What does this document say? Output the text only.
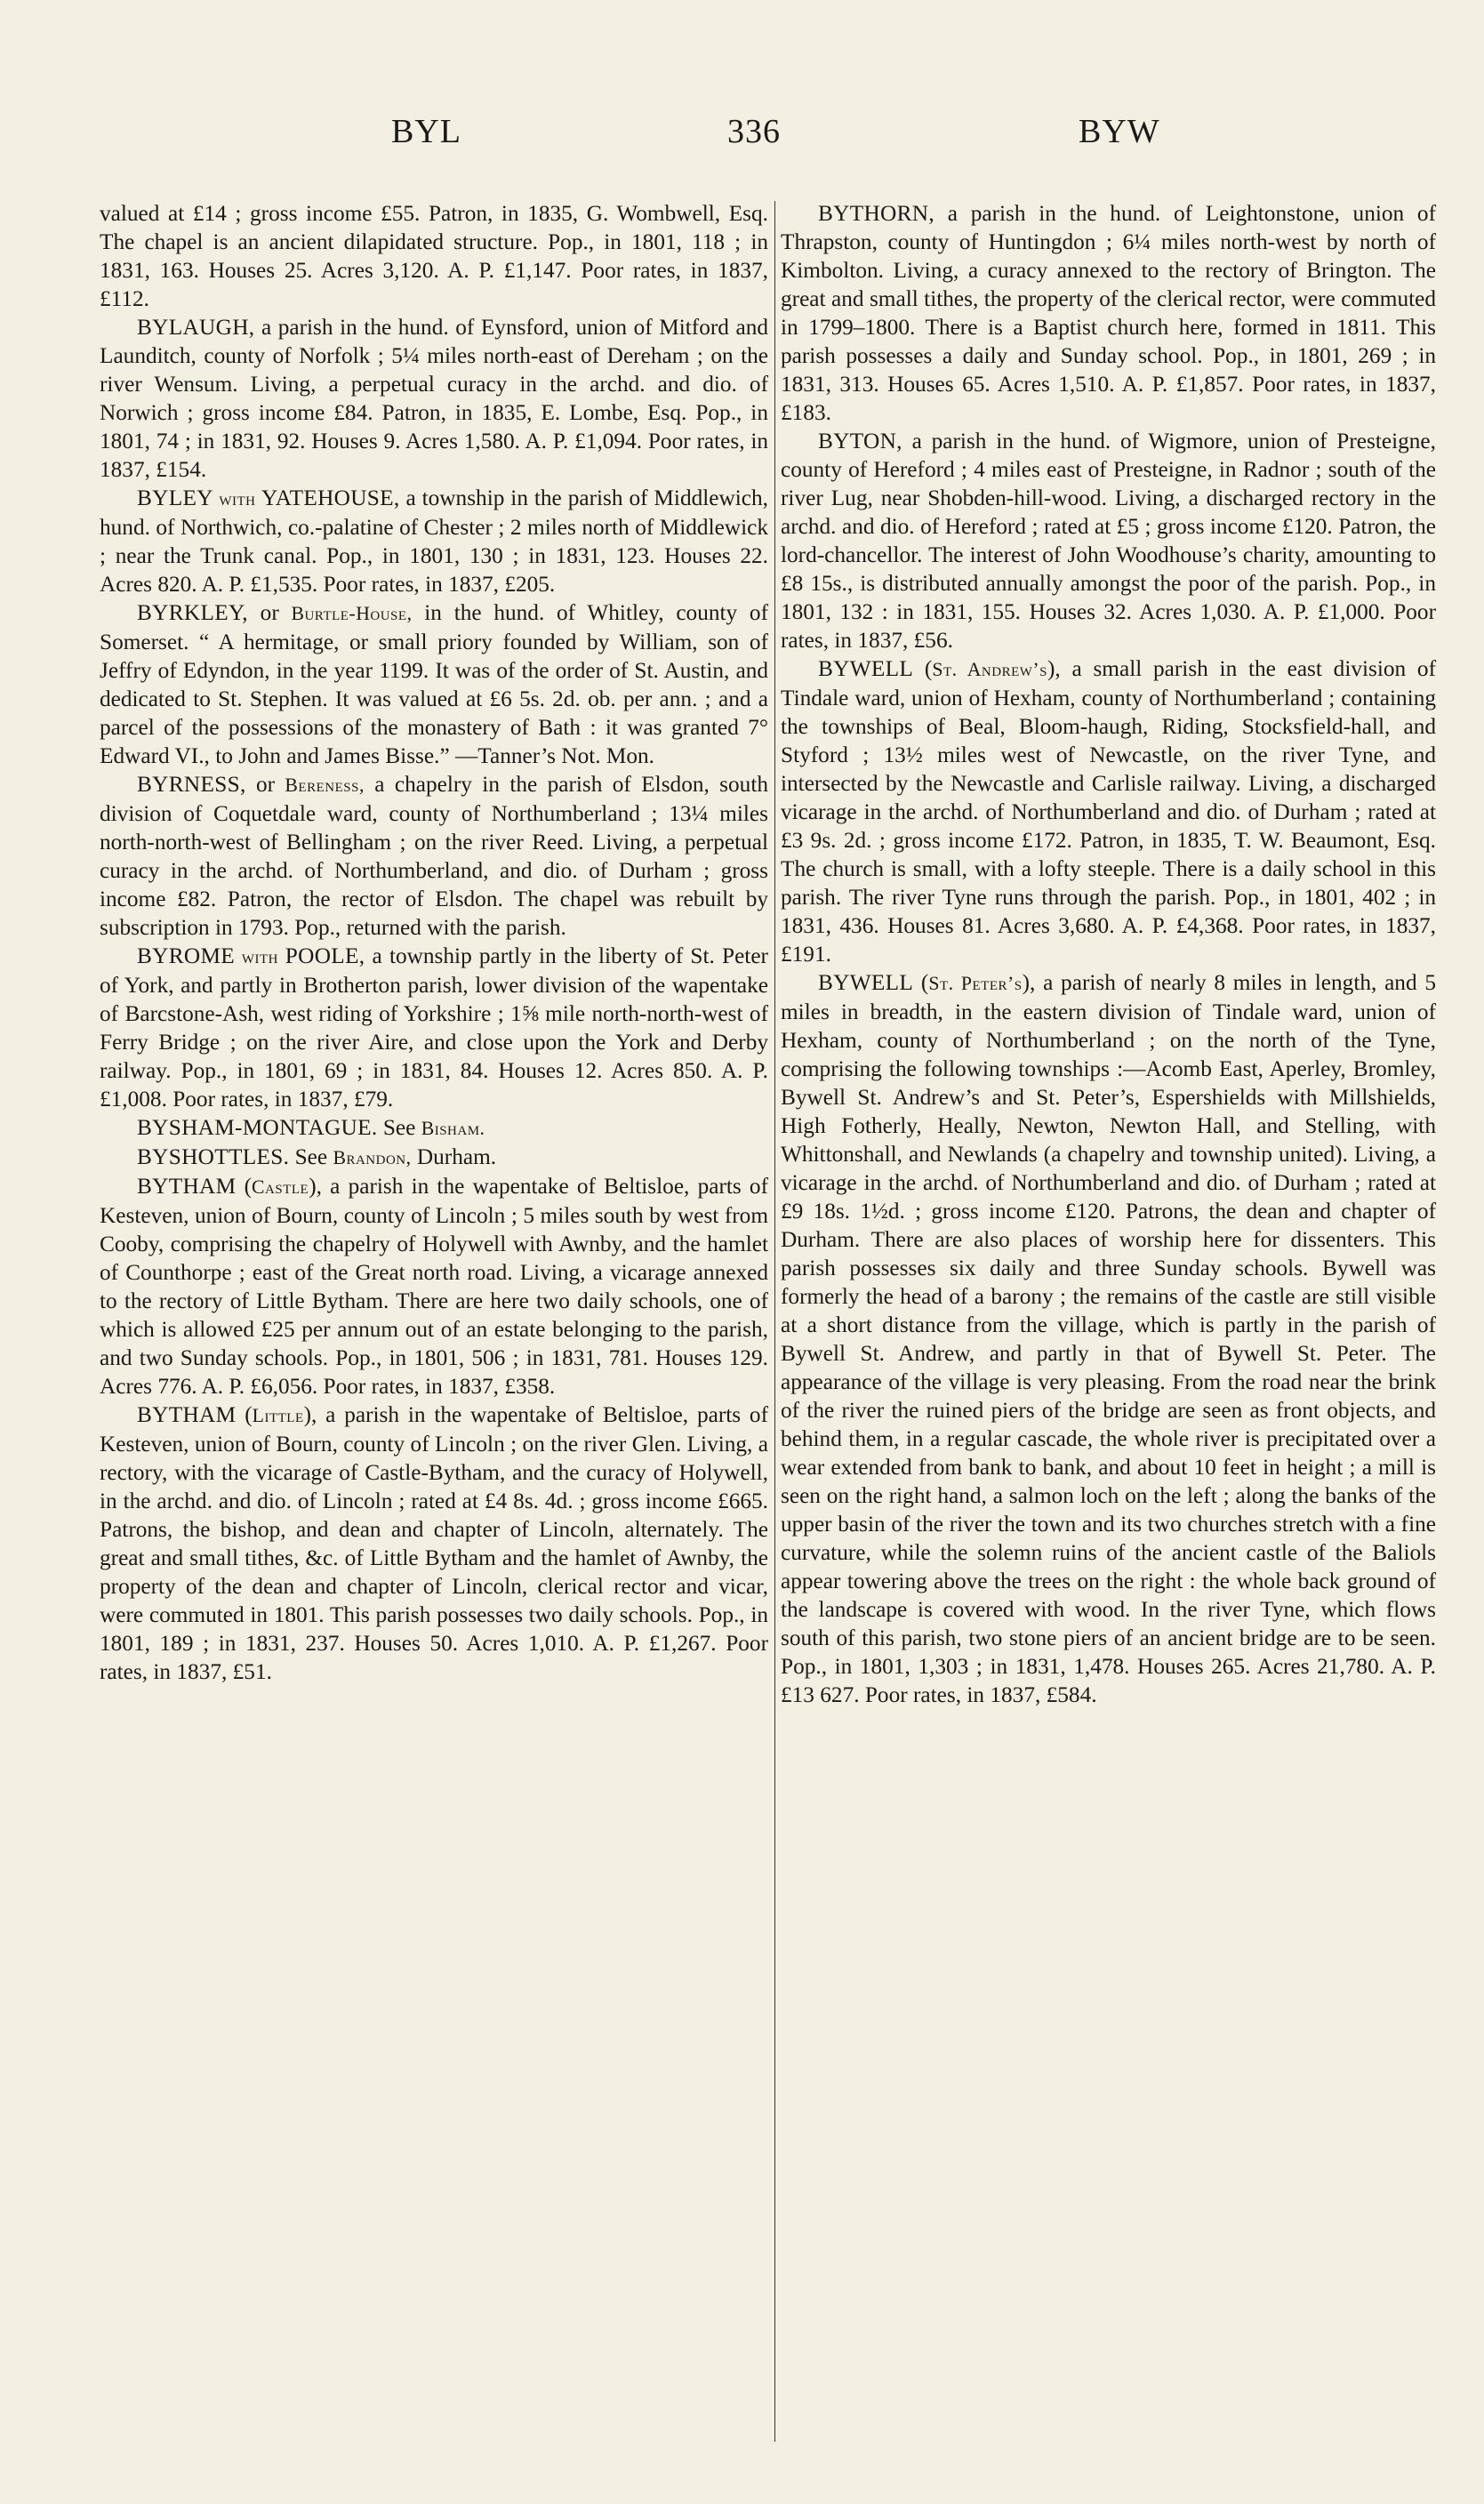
BYL	336	BYW

valued at £14 ; gross income £55. Patron, in 1835, G. Wombwell, Esq. The chapel is an ancient dilapidated structure. Pop., in 1801, 118 ; in 1831, 163. Houses 25. Acres 3,120. A. P. £1,147. Poor rates, in 1837, £112.

BYLAUGH, a parish in the hund. of Eynsford, union of Mitford and Launditch, county of Norfolk ; 5¼ miles north-east of Dereham ; on the river Wensum. Living, a perpetual curacy in the archd. and dio. of Norwich ; gross income £84. Patron, in 1835, E. Lombe, Esq. Pop., in 1801, 74 ; in 1831, 92. Houses 9. Acres 1,580. A. P. £1,094. Poor rates, in 1837, £154.

BYLEY with YATEHOUSE, a township in the parish of Middlewich, hund. of Northwich, co.-palatine of Chester ; 2 miles north of Middlewick ; near the Trunk canal. Pop., in 1801, 130 ; in 1831, 123. Houses 22. Acres 820. A. P. £1,535. Poor rates, in 1837, £205.

BYRKLEY, or Burtle-House, in the hund. of Whitley, county of Somerset. “ A hermitage, or small priory founded by William, son of Jeffry of Edyndon, in the year 1199. It was of the order of St. Austin, and dedicated to St. Stephen. It was valued at £6 5s. 2d. ob. per ann. ; and a parcel of the possessions of the monastery of Bath : it was granted 7° Edward VI., to John and James Bisse.” —Tanner’s Not. Mon.

BYRNESS, or Bereness, a chapelry in the parish of Elsdon, south division of Coquetdale ward, county of Northumberland ; 13¼ miles north-north-west of Bellingham ; on the river Reed. Living, a perpetual curacy in the archd. of Northumberland, and dio. of Durham ; gross income £82. Patron, the rector of Elsdon. The chapel was rebuilt by subscription in 1793. Pop., returned with the parish.

BYROME with POOLE, a township partly in the liberty of St. Peter of York, and partly in Brotherton parish, lower division of the wapentake of Barcstone-Ash, west riding of Yorkshire ; 1⅝ mile north-north-west of Ferry Bridge ; on the river Aire, and close upon the York and Derby railway. Pop., in 1801, 69 ; in 1831, 84. Houses 12. Acres 850. A. P. £1,008. Poor rates, in 1837, £79.

BYSHAM-MONTAGUE. See Bisham.

BYSHOTTLES. See Brandon, Durham.

BYTHAM (Castle), a parish in the wapentake of Beltisloe, parts of Kesteven, union of Bourn, county of Lincoln ; 5 miles south by west from Cooby, comprising the chapelry of Holywell with Awnby, and the hamlet of Counthorpe ; east of the Great north road. Living, a vicarage annexed to the rectory of Little Bytham. There are here two daily schools, one of which is allowed £25 per annum out of an estate belonging to the parish, and two Sunday schools. Pop., in 1801, 506 ; in 1831, 781. Houses 129. Acres 776. A. P. £6,056. Poor rates, in 1837, £358.

BYTHAM (Little), a parish in the wapentake of Beltisloe, parts of Kesteven, union of Bourn, county of Lincoln ; on the river Glen. Living, a rectory, with the vicarage of Castle-Bytham, and the curacy of Holywell, in the archd. and dio. of Lincoln ; rated at £4 8s. 4d. ; gross income £665. Patrons, the bishop, and dean and chapter of Lincoln, alternately. The great and small tithes, &c. of Little Bytham and the hamlet of Awnby, the property of the dean and chapter of Lincoln, clerical rector and vicar, were commuted in 1801. This parish possesses two daily schools. Pop., in 1801, 189 ; in 1831, 237. Houses 50. Acres 1,010. A. P. £1,267. Poor rates, in 1837, £51.

BYTHORN, a parish in the hund. of Leightonstone, union of Thrapston, county of Huntingdon ; 6¼ miles north-west by north of Kimbolton. Living, a curacy annexed to the rectory of Brington. The great and small tithes, the property of the clerical rector, were commuted in 1799–1800. There is a Baptist church here, formed in 1811. This parish possesses a daily and Sunday school. Pop., in 1801, 269 ; in 1831, 313. Houses 65. Acres 1,510. A. P. £1,857. Poor rates, in 1837, £183.

BYTON, a parish in the hund. of Wigmore, union of Presteigne, county of Hereford ; 4 miles east of Presteigne, in Radnor ; south of the river Lug, near Shobden-hill-wood. Living, a discharged rectory in the archd. and dio. of Hereford ; rated at £5 ; gross income £120. Patron, the lord-chancellor. The interest of John Woodhouse’s charity, amounting to £8 15s., is distributed annually amongst the poor of the parish. Pop., in 1801, 132 : in 1831, 155. Houses 32. Acres 1,030. A. P. £1,000. Poor rates, in 1837, £56.

BYWELL (St. Andrew’s), a small parish in the east division of Tindale ward, union of Hexham, county of Northumberland ; containing the townships of Beal, Bloom-haugh, Riding, Stocksfield-hall, and Styford ; 13½ miles west of Newcastle, on the river Tyne, and intersected by the Newcastle and Carlisle railway. Living, a discharged vicarage in the archd. of Northumberland and dio. of Durham ; rated at £3 9s. 2d. ; gross income £172. Patron, in 1835, T. W. Beaumont, Esq. The church is small, with a lofty steeple. There is a daily school in this parish. The river Tyne runs through the parish. Pop., in 1801, 402 ; in 1831, 436. Houses 81. Acres 3,680. A. P. £4,368. Poor rates, in 1837, £191.

BYWELL (St. Peter’s), a parish of nearly 8 miles in length, and 5 miles in breadth, in the eastern division of Tindale ward, union of Hexham, county of Northumberland ; on the north of the Tyne, comprising the following townships :—Acomb East, Aperley, Bromley, Bywell St. Andrew’s and St. Peter’s, Espershields with Millshields, High Fotherly, Heally, Newton, Newton Hall, and Stelling, with Whittonshall, and Newlands (a chapelry and township united). Living, a vicarage in the archd. of Northumberland and dio. of Durham ; rated at £9 18s. 1½d. ; gross income £120. Patrons, the dean and chapter of Durham. There are also places of worship here for dissenters. This parish possesses six daily and three Sunday schools. Bywell was formerly the head of a barony ; the remains of the castle are still visible at a short distance from the village, which is partly in the parish of Bywell St. Andrew, and partly in that of Bywell St. Peter. The appearance of the village is very pleasing. From the road near the brink of the river the ruined piers of the bridge are seen as front objects, and behind them, in a regular cascade, the whole river is precipitated over a wear extended from bank to bank, and about 10 feet in height ; a mill is seen on the right hand, a salmon loch on the left ; along the banks of the upper basin of the river the town and its two churches stretch with a fine curvature, while the solemn ruins of the ancient castle of the Baliols appear towering above the trees on the right : the whole back ground of the landscape is covered with wood. In the river Tyne, which flows south of this parish, two stone piers of an ancient bridge are to be seen. Pop., in 1801, 1,303 ; in 1831, 1,478. Houses 265. Acres 21,780. A. P. £13 627. Poor rates, in 1837, £584.
